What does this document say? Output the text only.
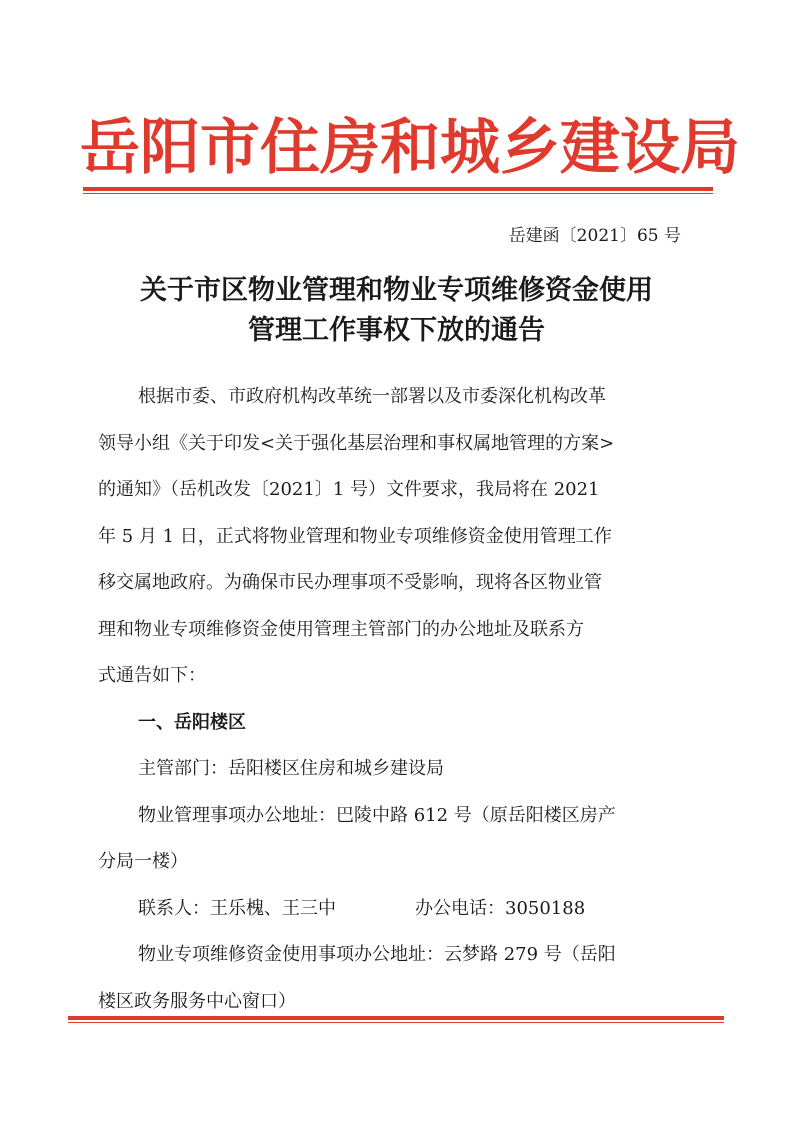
岳阳市住房和城乡建设局
岳建函〔2021〕65 号
关于市区物业管理和物业专项维修资金使用
管理工作事权下放的通告
根据市委、市政府机构改革统一部署以及市委深化机构改革
领导小组《关于印发<关于强化基层治理和事权属地管理的方案>
的通知》（岳机改发〔2021〕1 号）文件要求，我局将在 2021
年 5 月 1 日，正式将物业管理和物业专项维修资金使用管理工作
移交属地政府。为确保市民办理事项不受影响，现将各区物业管
理和物业专项维修资金使用管理主管部门的办公地址及联系方
式通告如下：
一、岳阳楼区
主管部门：岳阳楼区住房和城乡建设局
物业管理事项办公地址：巴陵中路 612 号（原岳阳楼区房产
分局一楼）
联系人：王乐槐、王三中	办公电话：3050188
物业专项维修资金使用事项办公地址：云梦路 279 号（岳阳
楼区政务服务中心窗口）
